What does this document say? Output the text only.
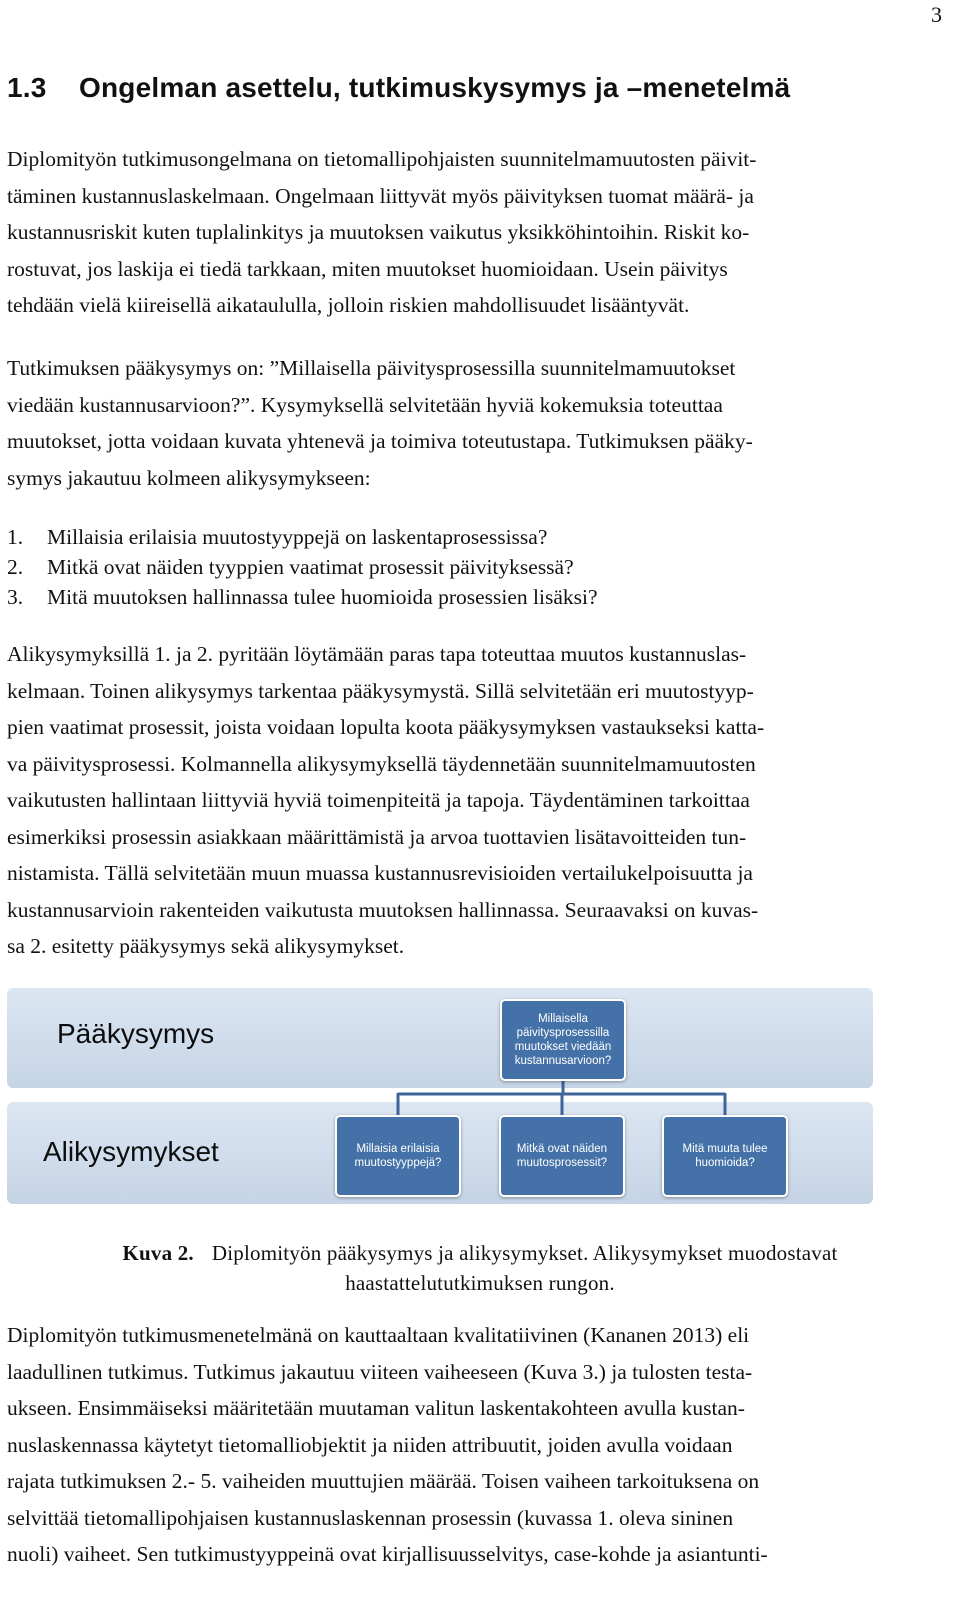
3
1.3 Ongelman asettelu, tutkimuskysymys ja –menetelmä

Diplomityön tutkimusongelmana on tietomallipohjaisten suunnitelmamuutosten päivit-
täminen kustannuslaskelmaan. Ongelmaan liittyvät myös päivityksen tuomat määrä- ja
kustannusriskit kuten tuplalinkitys ja muutoksen vaikutus yksikköhintoihin. Riskit ko-
rostuvat, jos laskija ei tiedä tarkkaan, miten muutokset huomioidaan. Usein päivitys
tehdään vielä kiireisellä aikataululla, jolloin riskien mahdollisuudet lisääntyvät.

Tutkimuksen pääkysymys on: ”Millaisella päivitysprosessilla suunnitelmamuutokset
viedään kustannusarvioon?”. Kysymyksellä selvitetään hyviä kokemuksia toteuttaa
muutokset, jotta voidaan kuvata yhtenevä ja toimiva toteutustapa. Tutkimuksen pääky-
symys jakautuu kolmeen alikysymykseen:

1. Millaisia erilaisia muutostyyppejä on laskentaprosessissa?
2. Mitkä ovat näiden tyyppien vaatimat prosessit päivityksessä?
3. Mitä muutoksen hallinnassa tulee huomioida prosessien lisäksi?

Alikysymyksillä 1. ja 2. pyritään löytämään paras tapa toteuttaa muutos kustannuslas-
kelmaan. Toinen alikysymys tarkentaa pääkysymystä. Sillä selvitetään eri muutostyyp-
pien vaatimat prosessit, joista voidaan lopulta koota pääkysymyksen vastaukseksi katta-
va päivitysprosessi. Kolmannella alikysymyksellä täydennetään suunnitelmamuutosten
vaikutusten hallintaan liittyviä hyviä toimenpiteitä ja tapoja. Täydentäminen tarkoittaa
esimerkiksi prosessin asiakkaan määrittämistä ja arvoa tuottavien lisätavoitteiden tun-
nistamista. Tällä selvitetään muun muassa kustannusrevisioiden vertailukelpoisuutta ja
kustannusarvioin rakenteiden vaikutusta muutoksen hallinnassa. Seuraavaksi on kuvas-
sa 2. esitetty pääkysymys sekä alikysymykset.

Pääkysymys
Alikysymykset
Millaisella
päivitysprosessilla
muutokset viedään
kustannusarvioon?
Millaisia erilaisia
muutostyyppejä?
Mitkä ovat näiden
muutosprosessit?
Mitä muuta tulee
huomioida?
Kuva 2. Diplomityön pääkysymys ja alikysymykset. Alikysymykset muodostavat
haastattelututkimuksen rungon.

Diplomityön tutkimusmenetelmänä on kauttaaltaan kvalitatiivinen (Kananen 2013) eli
laadullinen tutkimus. Tutkimus jakautuu viiteen vaiheeseen (Kuva 3.) ja tulosten testa-
ukseen. Ensimmäiseksi määritetään muutaman valitun laskentakohteen avulla kustan-
nuslaskennassa käytetyt tietomalliobjektit ja niiden attribuutit, joiden avulla voidaan
rajata tutkimuksen 2.- 5. vaiheiden muuttujien määrää. Toisen vaiheen tarkoituksena on
selvittää tietomallipohjaisen kustannuslaskennan prosessin (kuvassa 1. oleva sininen
nuoli) vaiheet. Sen tutkimustyyppeinä ovat kirjallisuusselvitys, case-kohde ja asiantunti-
